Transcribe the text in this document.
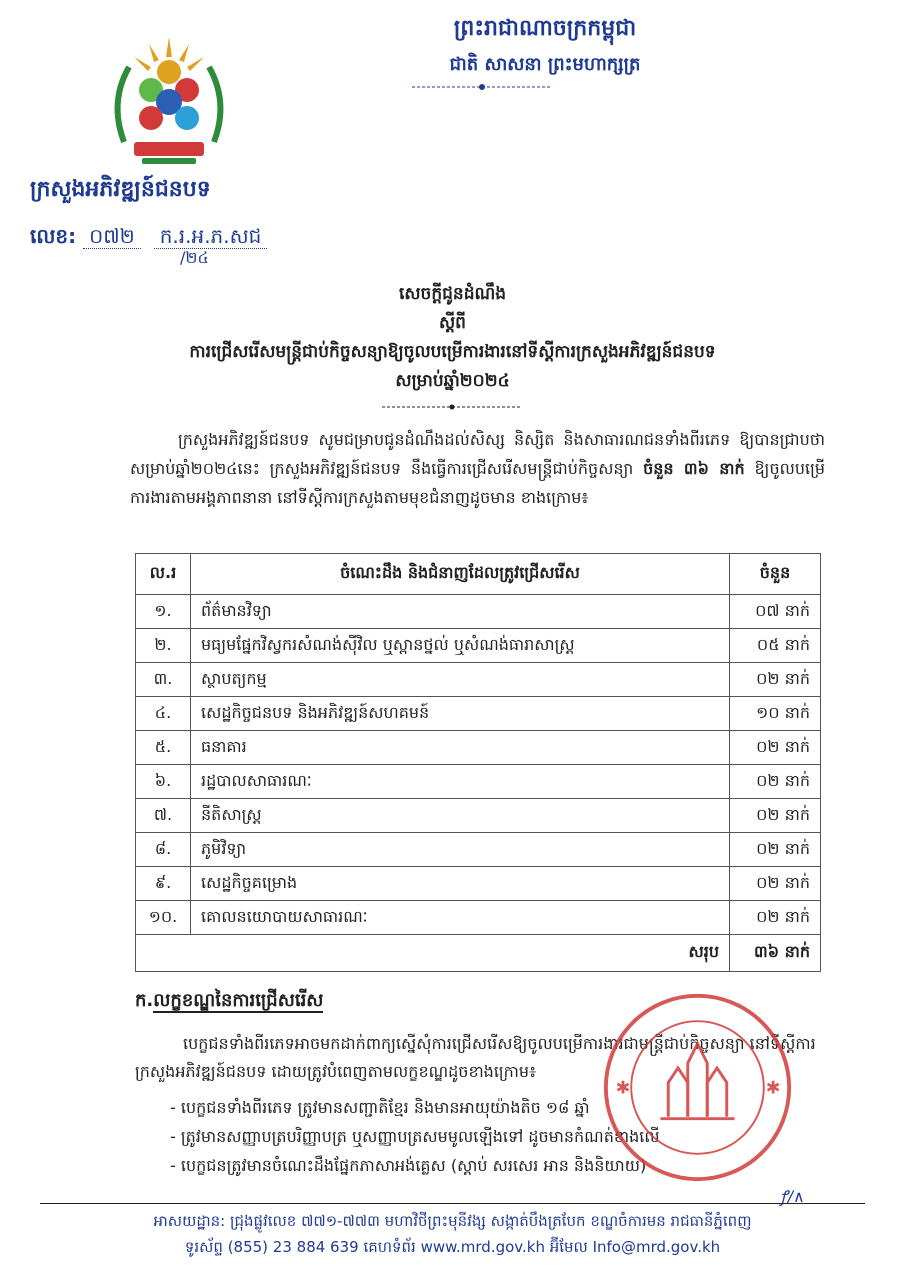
ព្រះរាជាណាចក្រកម្ពុជា
ជាតិ សាសនា ព្រះមហាក្សត្រ
ក្រសួងអភិវឌ្ឍន៍ជនបទ
លេខ: ០៧២ ក.រ.អ.ភ.សជ
/២៤
សេចក្តីជូនដំណឹង
ស្តីពី
ការជ្រើសរើសមន្រ្តីជាប់កិច្ចសន្យាឱ្យចូលបម្រើការងារនៅទីស្តីការក្រសួងអភិវឌ្ឍន៍ជនបទ
សម្រាប់ឆ្នាំ២០២៤
ក្រសួងអភិវឌ្ឍន៍ជនបទ សូមជម្រាបជូនដំណឹងដល់សិស្ស និស្សិត និងសាធារណជនទាំងពីរភេទ ឱ្យបានជ្រាបថា សម្រាប់ឆ្នាំ២០២៤នេះ ក្រសួងអភិវឌ្ឍន៍ជនបទ នឹងធ្វើការជ្រើសរើសមន្រ្តីជាប់កិច្ចសន្យា ចំនួន ៣៦ នាក់ ឱ្យចូលបម្រើការងារតាមអង្គភាពនានា នៅទីស្តីការក្រសួងតាមមុខជំនាញដូចមាន ខាងក្រោម៖
ល.រ	ចំណេះដឹង និងជំនាញដែលត្រូវជ្រើសរើស	ចំនួន
១.	ព័ត៌មានវិទ្យា	០៧ នាក់
២.	មធ្យមផ្នែកវិស្វករសំណង់ស៊ីវិល ឬស្ពានថ្នល់ ឬសំណង់ធារាសាស្រ្ត	០៥ នាក់
៣.	ស្ថាបត្យកម្ម	០២ នាក់
៤.	សេដ្ឋកិច្ចជនបទ និងអភិវឌ្ឍន៍សហគមន៍	១០ នាក់
៥.	ធនាគារ	០២ នាក់
៦.	រដ្ឋបាលសាធារណៈ	០២ នាក់
៧.	នីតិសាស្រ្ត	០២ នាក់
៨.	ភូមិវិទ្យា	០២ នាក់
៩.	សេដ្ឋកិច្ចគម្រោង	០២ នាក់
១០.	គោលនយោបាយសាធារណៈ	០២ នាក់
សរុប		៣៦ នាក់
ក.លក្ខខណ្ឌនៃការជ្រើសរើស
បេក្ខជនទាំងពីរភេទអាចមកដាក់ពាក្យស្នើសុំការជ្រើសរើសឱ្យចូលបម្រើការងារជាមន្រ្តីជាប់កិច្ចសន្យា នៅទីស្តីការក្រសួងអភិវឌ្ឍន៍ជនបទ ដោយត្រូវបំពេញតាមលក្ខខណ្ឌដូចខាងក្រោម៖
- បេក្ខជនទាំងពីរភេទ ត្រូវមានសញ្ជាតិខ្មែរ និងមានអាយុយ៉ាងតិច ១៨ ឆ្នាំ
- ត្រូវមានសញ្ញាបត្របរិញ្ញាបត្រ ឬសញ្ញាបត្រសមមូលឡើងទៅ ដូចមានកំណត់ខាងលើ
- បេក្ខជនត្រូវមានចំណេះដឹងផ្នែកភាសាអង់គ្លេស (ស្តាប់ សរសេរ អាន និងនិយាយ)
✱	✱
ꝭ∕∧
អាសយដ្ឋាន: ជ្រុងផ្លូវលេខ ៧៧១-៧៧៣ មហាវិថីព្រះមុនីវង្ស សង្កាត់បឹងត្របែក ខណ្ឌចំការមន រាជធានីភ្នំពេញ
ទូរស័ព្ទ (855) 23 884 639 គេហទំព័រ www.mrd.gov.kh អ៊ីមែល Info@mrd.gov.kh
